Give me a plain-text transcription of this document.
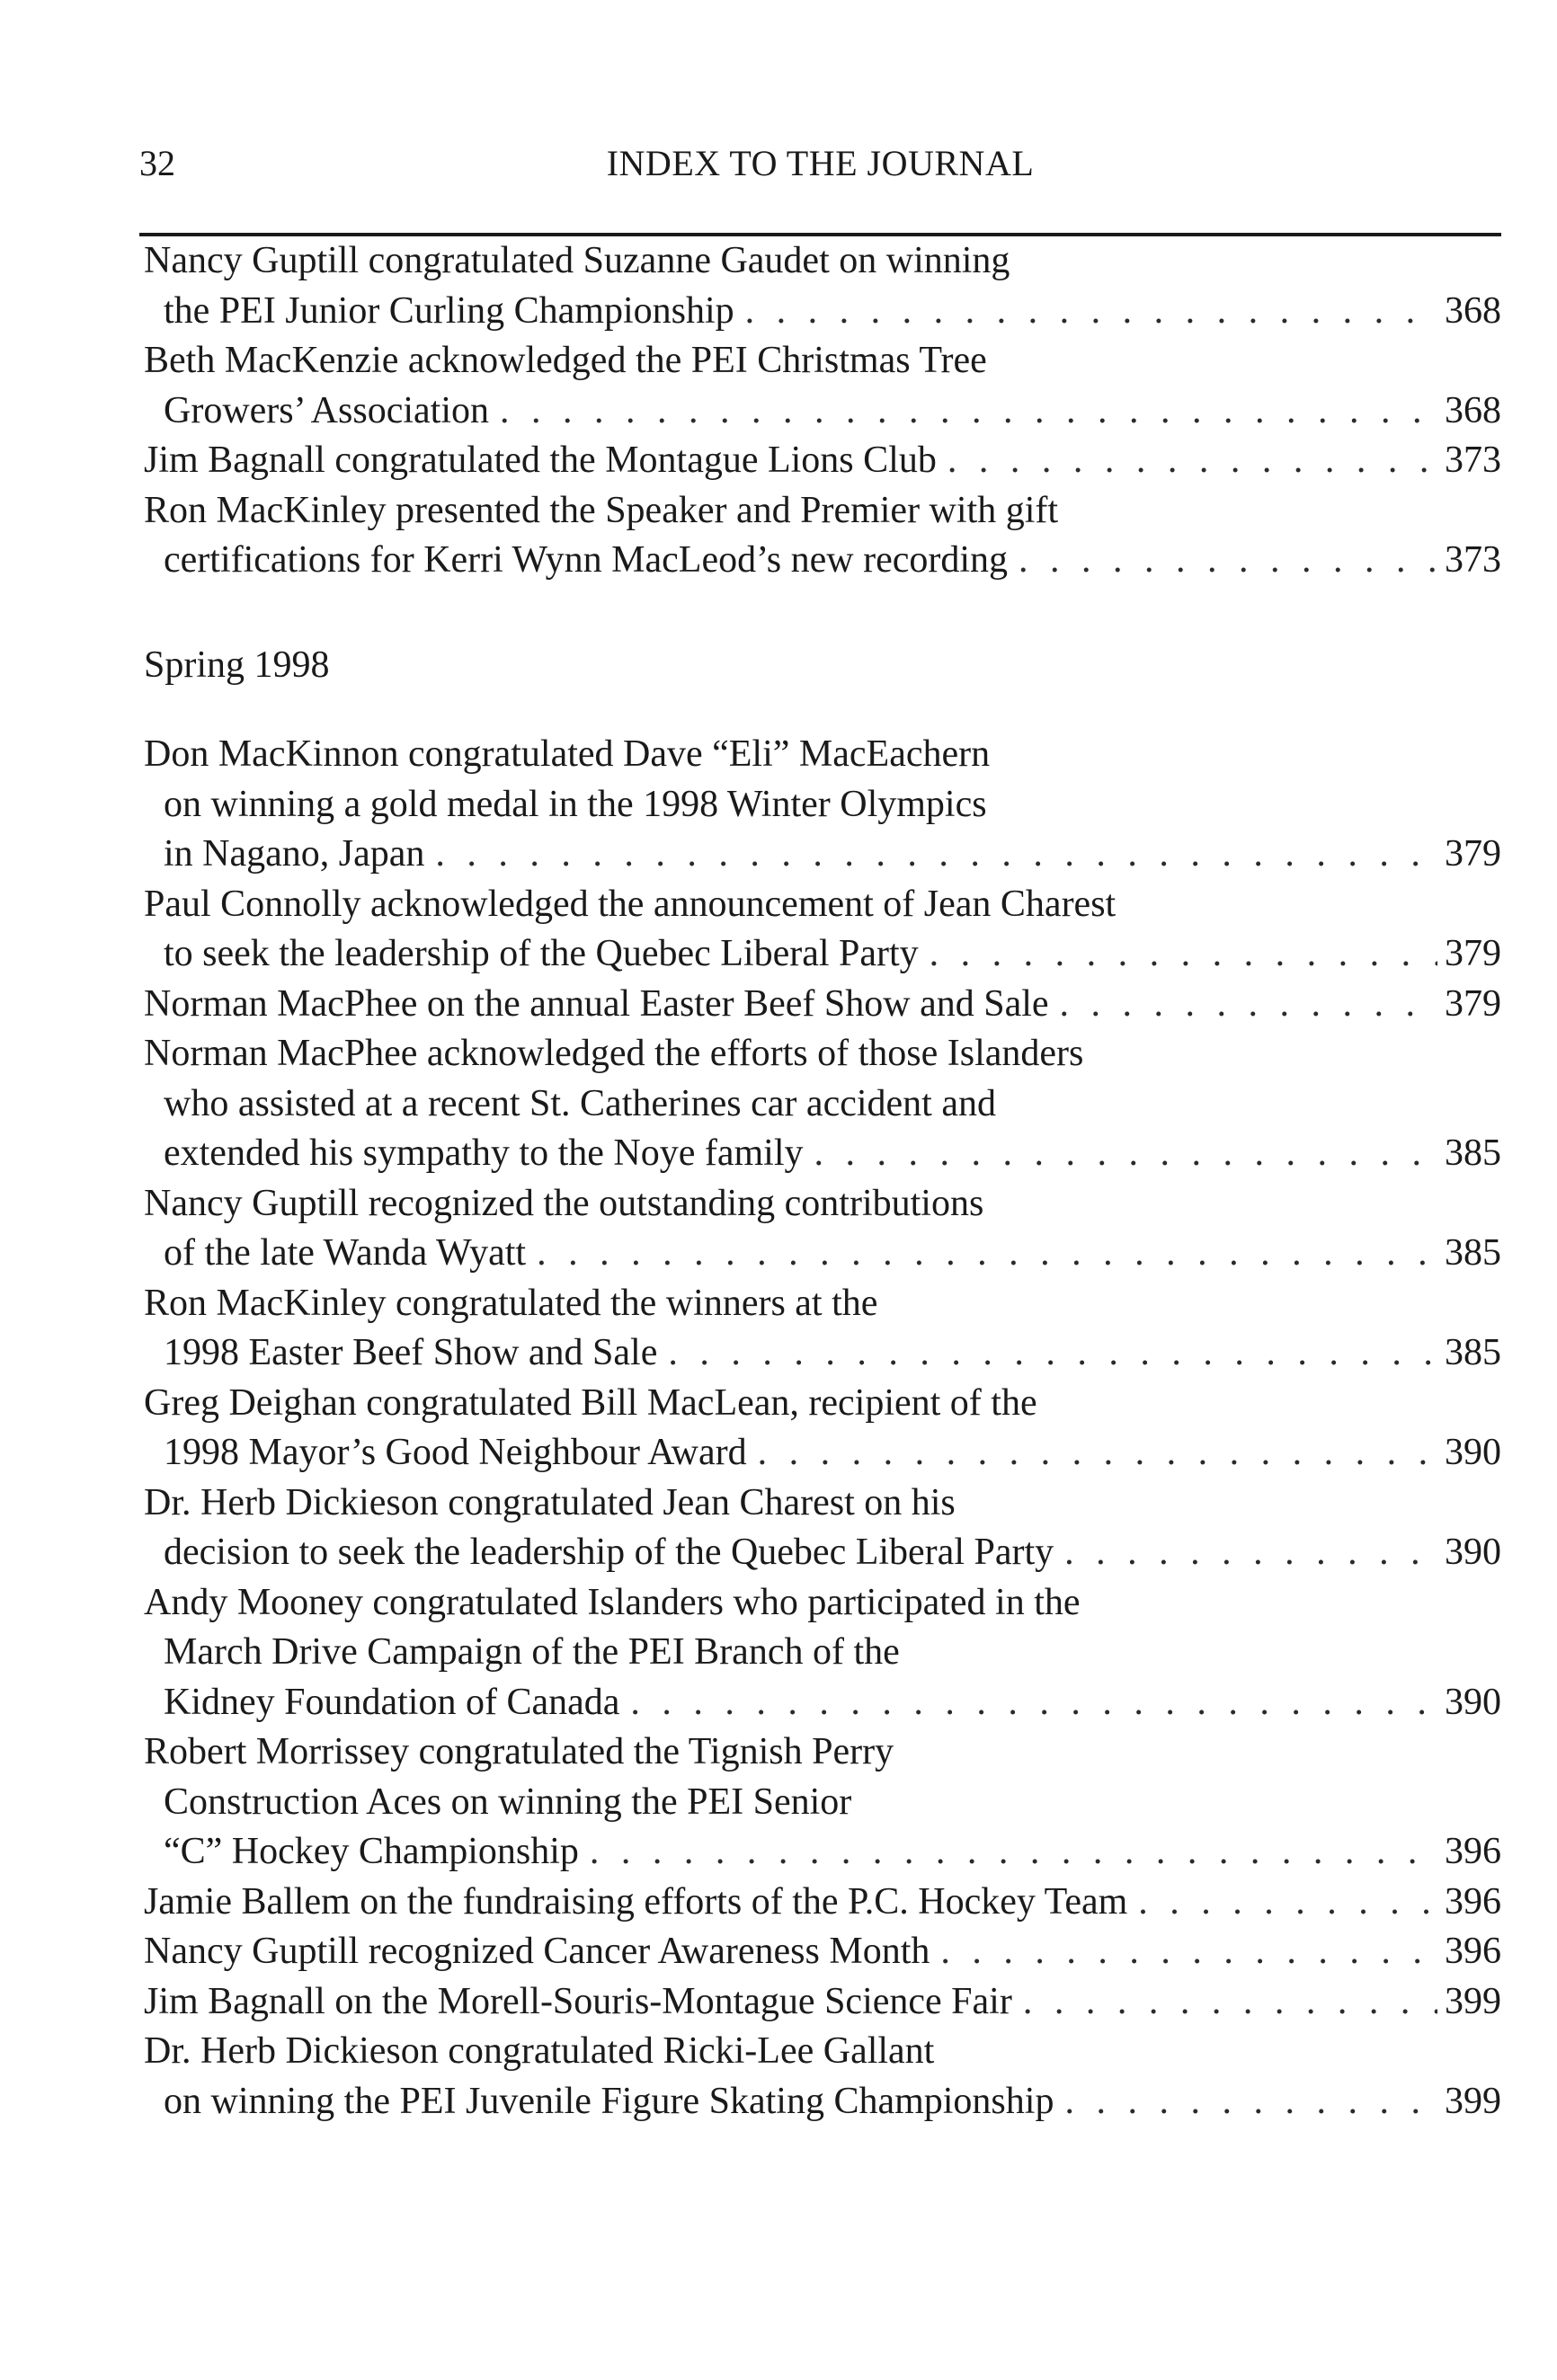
32	INDEX TO THE JOURNAL
Nancy Guptill congratulated Suzanne Gaudet on winning
the PEI Junior Curling Championship . . .	368
Beth MacKenzie acknowledged the PEI Christmas Tree
Growers’ Association . . .	368
Jim Bagnall congratulated the Montague Lions Club . . .	373
Ron MacKinley presented the Speaker and Premier with gift
certifications for Kerri Wynn MacLeod’s new recording . . .	373
Spring 1998
Don MacKinnon congratulated Dave “Eli” MacEachern
on winning a gold medal in the 1998 Winter Olympics
in Nagano, Japan . . .	379
Paul Connolly acknowledged the announcement of Jean Charest
to seek the leadership of the Quebec Liberal Party . . .	379
Norman MacPhee on the annual Easter Beef Show and Sale . . .	379
Norman MacPhee acknowledged the efforts of those Islanders
who assisted at a recent St. Catherines car accident and
extended his sympathy to the Noye family . . .	385
Nancy Guptill recognized the outstanding contributions
of the late Wanda Wyatt . . .	385
Ron MacKinley congratulated the winners at the
1998 Easter Beef Show and Sale . . .	385
Greg Deighan congratulated Bill MacLean, recipient of the
1998 Mayor’s Good Neighbour Award . . .	390
Dr. Herb Dickieson congratulated Jean Charest on his
decision to seek the leadership of the Quebec Liberal Party . . .	390
Andy Mooney congratulated Islanders who participated in the
March Drive Campaign of the PEI Branch of the
Kidney Foundation of Canada . . .	390
Robert Morrissey congratulated the Tignish Perry
Construction Aces on winning the PEI Senior
“C” Hockey Championship . . .	396
Jamie Ballem on the fundraising efforts of the P.C. Hockey Team . . .	396
Nancy Guptill recognized Cancer Awareness Month . . .	396
Jim Bagnall on the Morell-Souris-Montague Science Fair . . .	399
Dr. Herb Dickieson congratulated Ricki-Lee Gallant
on winning the PEI Juvenile Figure Skating Championship . . .	399
